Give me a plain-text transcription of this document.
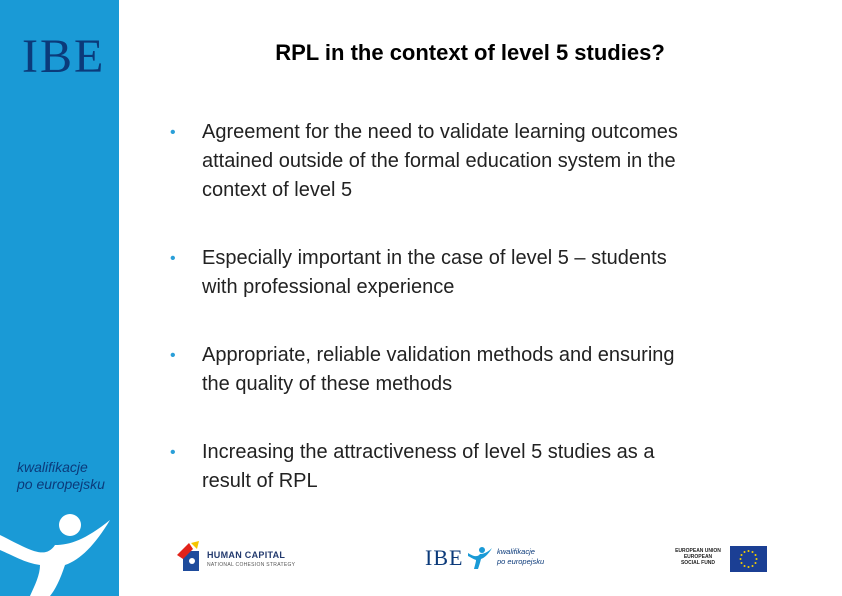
IBE
kwalifikacje
po europejsku
RPL in the context of level 5 studies?

• Agreement for the need to validate learning outcomes
attained outside of the formal education system in the
context of level 5

• Especially important in the case of level 5 – students
with professional experience

• Appropriate, reliable validation methods and ensuring
the quality of these methods

• Increasing the attractiveness of level 5 studies as a
result of RPL

HUMAN CAPITAL
NATIONAL COHESION STRATEGY	IBE	kwalifikacje
po europejsku
EUROPEAN UNION
EUROPEAN
SOCIAL FUND
